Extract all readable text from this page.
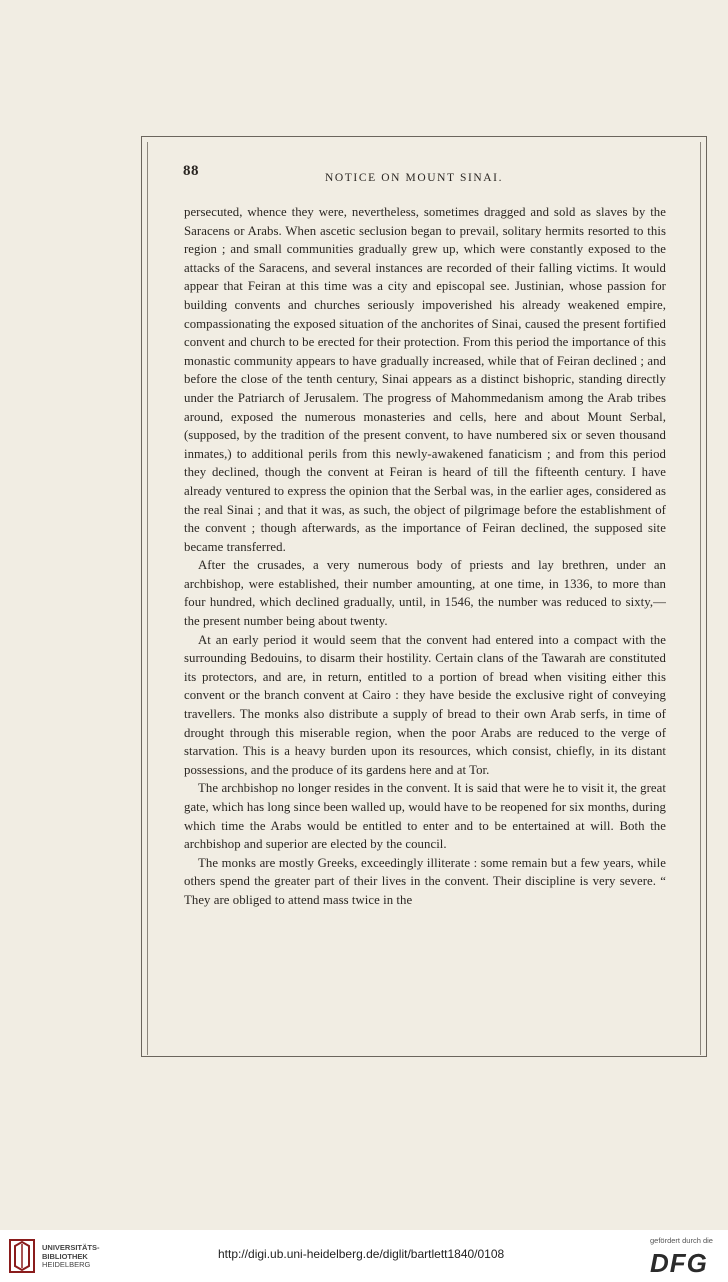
88	NOTICE ON MOUNT SINAI.

persecuted, whence they were, nevertheless, sometimes dragged and sold as slaves by the Saracens or Arabs. When ascetic seclusion began to prevail, solitary hermits resorted to this region ; and small communities gradually grew up, which were constantly exposed to the attacks of the Saracens, and several instances are recorded of their falling victims. It would appear that Feiran at this time was a city and episcopal see. Justinian, whose passion for building convents and churches seriously impoverished his already weakened empire, compassionating the exposed situation of the anchorites of Sinai, caused the present fortified convent and church to be erected for their protection. From this period the importance of this monastic community appears to have gradually increased, while that of Feiran declined ; and before the close of the tenth century, Sinai appears as a distinct bishopric, standing directly under the Patriarch of Jerusalem. The progress of Mahommedanism among the Arab tribes around, exposed the numerous monasteries and cells, here and about Mount Serbal, (supposed, by the tradition of the present convent, to have numbered six or seven thousand inmates,) to additional perils from this newly-awakened fanaticism ; and from this period they declined, though the convent at Feiran is heard of till the fifteenth century. I have already ventured to express the opinion that the Serbal was, in the earlier ages, considered as the real Sinai ; and that it was, as such, the object of pilgrimage before the establishment of the convent ; though afterwards, as the importance of Feiran declined, the supposed site became transferred.

After the crusades, a very numerous body of priests and lay brethren, under an archbishop, were established, their number amounting, at one time, in 1336, to more than four hundred, which declined gradually, until, in 1546, the number was reduced to sixty,—the present number being about twenty.

At an early period it would seem that the convent had entered into a compact with the surrounding Bedouins, to disarm their hostility. Certain clans of the Tawarah are constituted its protectors, and are, in return, entitled to a portion of bread when visiting either this convent or the branch convent at Cairo : they have beside the exclusive right of conveying travellers. The monks also distribute a supply of bread to their own Arab serfs, in time of drought through this miserable region, when the poor Arabs are reduced to the verge of starvation. This is a heavy burden upon its resources, which consist, chiefly, in its distant possessions, and the produce of its gardens here and at Tor.

The archbishop no longer resides in the convent. It is said that were he to visit it, the great gate, which has long since been walled up, would have to be reopened for six months, during which time the Arabs would be entitled to enter and to be entertained at will. Both the archbishop and superior are elected by the council.

The monks are mostly Greeks, exceedingly illiterate : some remain but a few years, while others spend the greater part of their lives in the convent. Their discipline is very severe. “ They are obliged to attend mass twice in the

UNIVERSITÄTS-
BIBLIOTHEK
HEIDELBERG
http://digi.ub.uni-heidelberg.de/diglit/bartlett1840/0108
gefördert durch die
DFG
